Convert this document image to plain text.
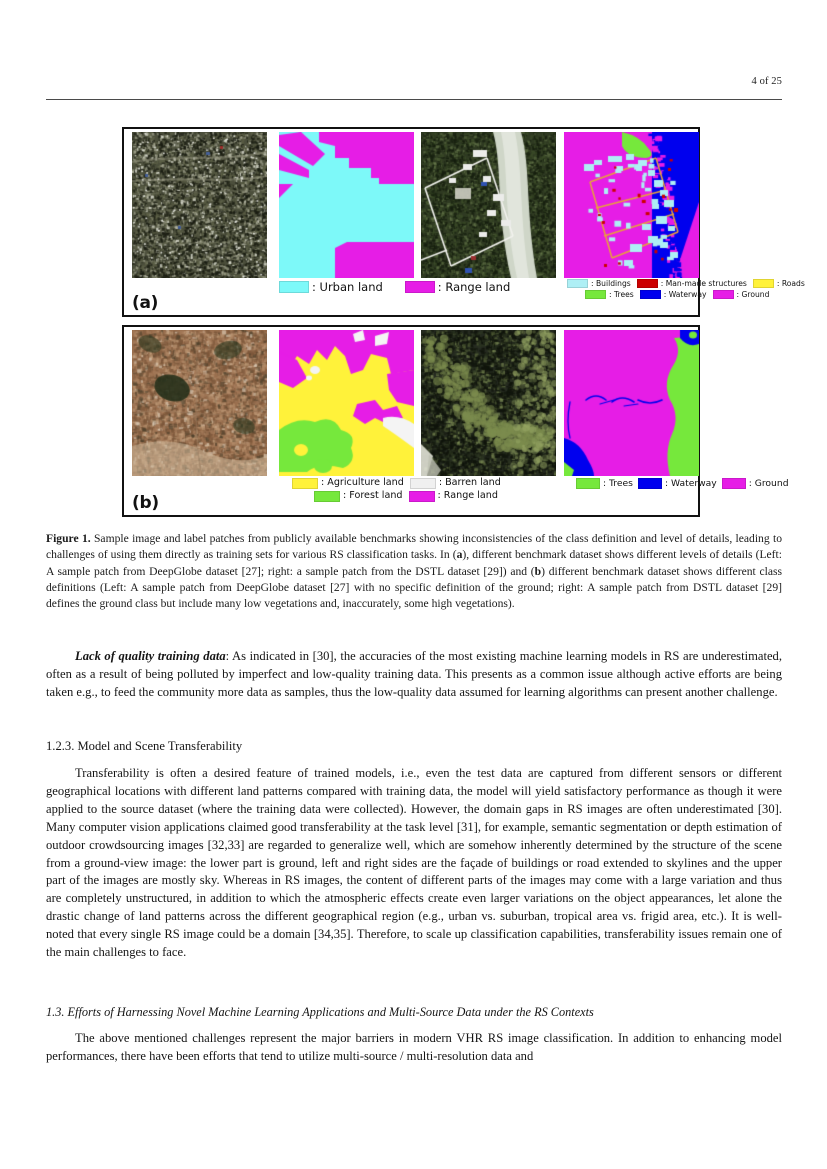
4 of 25
: Urban land	: Range land	: Buildings	: Man-made structures	: Roads
: Trees	: Waterway	: Ground
(a)
: Agriculture land	: Barren land
: Forest land	: Range land
: Trees	: Waterway	: Ground
(b)
Figure 1. Sample image and label patches from publicly available benchmarks showing inconsistencies of the class definition and level of details, leading to challenges of using them directly as training sets for various RS classification tasks. In (a), different benchmark dataset shows different levels of details (Left: A sample patch from DeepGlobe dataset [27]; right: a sample patch from the DSTL dataset [29]) and (b) different benchmark dataset shows different class definitions (Left: A sample patch from DeepGlobe dataset [27] with no specific definition of the ground; right: A sample patch from DSTL dataset [29] defines the ground class but include many low vegetations and, inaccurately, some high vegetations).
Lack of quality training data: As indicated in [30], the accuracies of the most existing machine learning models in RS are underestimated, often as a result of being polluted by imperfect and low-quality training data. This presents as a common issue although active efforts are being taken e.g., to feed the community more data as samples, thus the low-quality data assumed for learning algorithms can present another challenge.
1.2.3. Model and Scene Transferability
Transferability is often a desired feature of trained models, i.e., even the test data are captured from different sensors or different geographical locations with different land patterns compared with training data, the model will yield satisfactory performance as though it were applied to the source dataset (where the training data were collected). However, the domain gaps in RS images are often underestimated [30]. Many computer vision applications claimed good transferability at the task level [31], for example, semantic segmentation or depth estimation of outdoor crowdsourcing images [32,33] are regarded to generalize well, which are somehow inherently determined by the structure of the scene from a ground-view image: the lower part is ground, left and right sides are the façade of buildings or road extended to skylines and the upper part of the images are mostly sky. Whereas in RS images, the content of different parts of the images may come with a large variation and thus are completely unstructured, in addition to which the atmospheric effects create even larger variations on the object appearances, let alone the drastic change of land patterns across the different geographical region (e.g., urban vs. suburban, tropical area vs. frigid area, etc.). It is well-noted that every single RS image could be a domain [34,35]. Therefore, to scale up classification capabilities, transferability issues remain one of the main challenges to face.
1.3. Efforts of Harnessing Novel Machine Learning Applications and Multi-Source Data under the RS Contexts
The above mentioned challenges represent the major barriers in modern VHR RS image classification. In addition to enhancing model performances, there have been efforts that tend to utilize multi-source / multi-resolution data and
